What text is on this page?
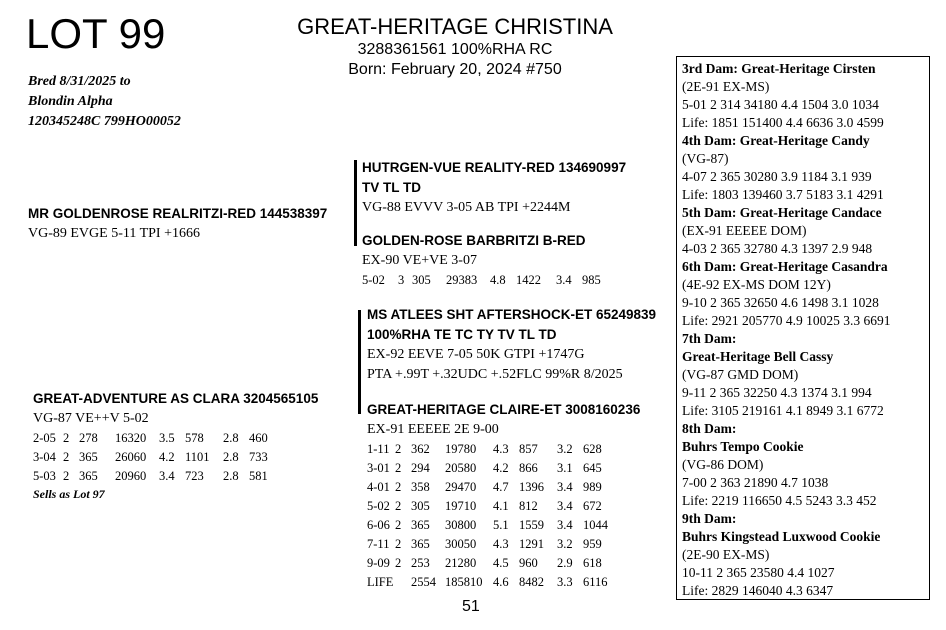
LOT 99	GREAT-HERITAGE CHRISTINA
3288361561 100%RHA RC
Born: February 20, 2024 #750
Bred 8/31/2025 to
Blondin Alpha
120345248C 799HO00052
HUTRGEN-VUE REALITY-RED 134690997
TV TL TD
VG-88 EVVV 3-05 AB TPI +2244M
MR GOLDENROSE REALRITZI-RED 144538397
VG-89 EVGE 5-11 TPI +1666	GOLDEN-ROSE BARBRITZI B-RED
EX-90 VE+VE 3-07
5-02	3	305	29383	4.8	1422	3.4	985
MS ATLEES SHT AFTERSHOCK-ET 65249839
100%RHA TE TC TY TV TL TD
EX-92 EEVE 7-05 50K GTPI +1747G
PTA +.99T +.32UDC +.52FLC 99%R 8/2025
GREAT-ADVENTURE AS CLARA 3204565105
VG-87 VE++V 5-02
2-05	2	278	16320	3.5	578	2.8	460
3-04	2	365	26060	4.2	1101	2.8	733
5-03	2	365	20960	3.4	723	2.8	581
Sells as Lot 97
GREAT-HERITAGE CLAIRE-ET 3008160236
EX-91 EEEEE 2E 9-00
1-11	2	362	19780	4.3	857	3.2	628
3-01	2	294	20580	4.2	866	3.1	645
4-01	2	358	29470	4.7	1396	3.4	989
5-02	2	305	19710	4.1	812	3.4	672
6-06	2	365	30800	5.1	1559	3.4	1044
7-11	2	365	30050	4.3	1291	3.2	959
9-09	2	253	21280	4.5	960	2.9	618
LIFE		2554	185810	4.6	8482	3.3	6116
3rd Dam: Great-Heritage Cirsten
(2E-91 EX-MS)
5-01 2 314 34180 4.4 1504 3.0 1034
Life: 1851 151400 4.4 6636 3.0 4599
4th Dam: Great-Heritage Candy
(VG-87)
4-07 2 365 30280 3.9 1184 3.1 939
Life: 1803 139460 3.7 5183 3.1 4291
5th Dam: Great-Heritage Candace
(EX-91 EEEEE DOM)
4-03 2 365 32780 4.3 1397 2.9 948
6th Dam: Great-Heritage Casandra
(4E-92 EX-MS DOM 12Y)
9-10 2 365 32650 4.6 1498 3.1 1028
Life: 2921 205770 4.9 10025 3.3 6691
7th Dam:
Great-Heritage Bell Cassy
(VG-87 GMD DOM)
9-11 2 365 32250 4.3 1374 3.1 994
Life: 3105 219161 4.1 8949 3.1 6772
8th Dam:
Buhrs Tempo Cookie
(VG-86 DOM)
7-00 2 363 21890 4.7 1038
Life: 2219 116650 4.5 5243 3.3 452
9th Dam:
Buhrs Kingstead Luxwood Cookie
(2E-90 EX-MS)
10-11 2 365 23580 4.4 1027
Life: 2829 146040 4.3 6347
51
